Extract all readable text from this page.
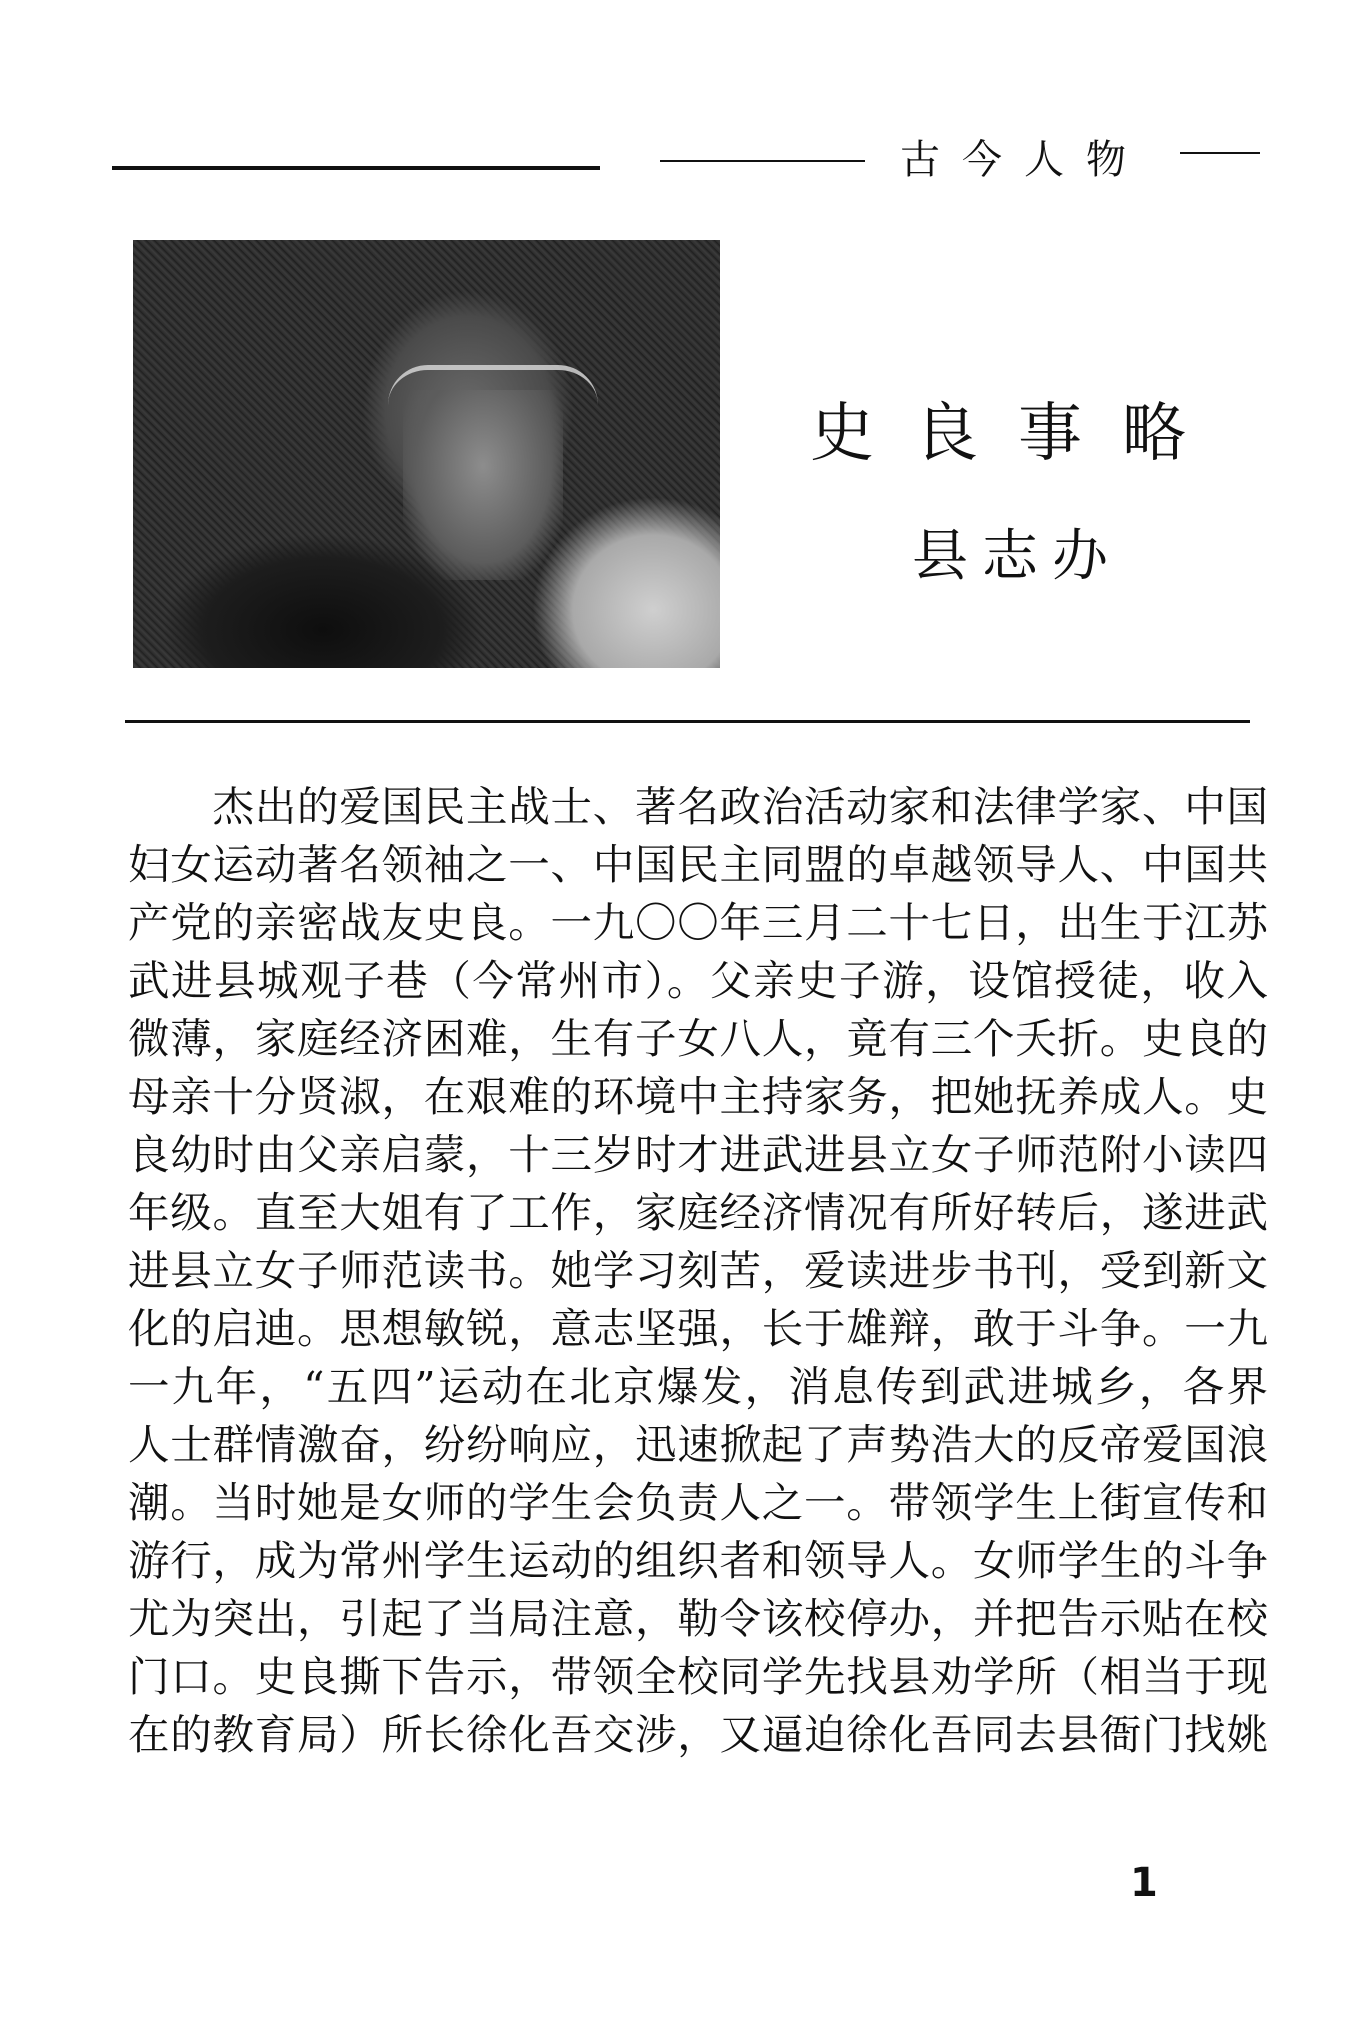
古今人物
史良事略
县志办
　　杰出的爱国民主战士、著名政治活动家和法律学家、中国
妇女运动著名领袖之一、中国民主同盟的卓越领导人、中国共
产党的亲密战友史良。一九〇〇年三月二十七日，出生于江苏
武进县城观子巷（今常州市）。父亲史子游，设馆授徒，收入
微薄，家庭经济困难，生有子女八人，竟有三个夭折。史良的
母亲十分贤淑，在艰难的环境中主持家务，把她抚养成人。史
良幼时由父亲启蒙，十三岁时才进武进县立女子师范附小读四
年级。直至大姐有了工作，家庭经济情况有所好转后，遂进武
进县立女子师范读书。她学习刻苦，爱读进步书刊，受到新文
化的启迪。思想敏锐，意志坚强，长于雄辩，敢于斗争。一九
一九年，“五四”运动在北京爆发，消息传到武进城乡，各界
人士群情激奋，纷纷响应，迅速掀起了声势浩大的反帝爱国浪
潮。当时她是女师的学生会负责人之一。带领学生上街宣传和
游行，成为常州学生运动的组织者和领导人。女师学生的斗争
尤为突出，引起了当局注意，勒令该校停办，并把告示贴在校
门口。史良撕下告示，带领全校同学先找县劝学所（相当于现
在的教育局）所长徐化吾交涉，又逼迫徐化吾同去县衙门找姚
1
